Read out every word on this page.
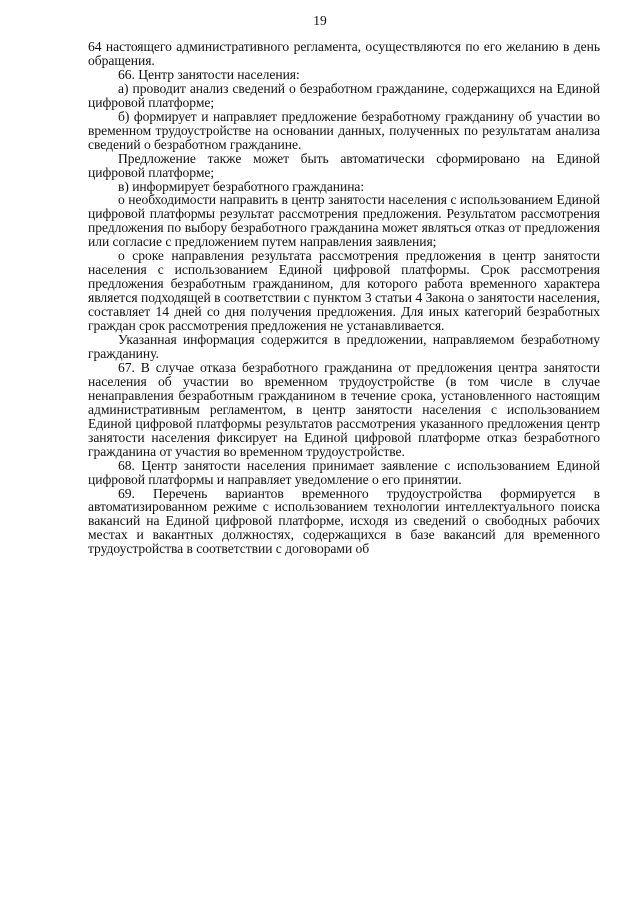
19

64 настоящего административного регламента, осуществляются по его желанию в день обращения.

66. Центр занятости населения:

а) проводит анализ сведений о безработном гражданине, содержащихся на Единой цифровой платформе;

б) формирует и направляет предложение безработному гражданину об участии во временном трудоустройстве на основании данных, полученных по результатам анализа сведений о безработном гражданине.

Предложение также может быть автоматически сформировано на Единой цифровой платформе;

в) информирует безработного гражданина:

о необходимости направить в центр занятости населения с использованием Единой цифровой платформы результат рассмотрения предложения. Результатом рассмотрения предложения по выбору безработного гражданина может являться отказ от предложения или согласие с предложением путем направления заявления;

о сроке направления результата рассмотрения предложения в центр занятости населения с использованием Единой цифровой платформы. Срок рассмотрения предложения безработным гражданином, для которого работа временного характера является подходящей в соответствии с пунктом 3 статьи 4 Закона о занятости населения, составляет 14 дней со дня получения предложения. Для иных категорий безработных граждан срок рассмотрения предложения не устанавливается.

Указанная информация содержится в предложении, направляемом безработному гражданину.

67. В случае отказа безработного гражданина от предложения центра занятости населения об участии во временном трудоустройстве (в том числе в случае ненаправления безработным гражданином в течение срока, установленного настоящим административным регламентом, в центр занятости населения с использованием Единой цифровой платформы результатов рассмотрения указанного предложения центр занятости населения фиксирует на Единой цифровой платформе отказ безработного гражданина от участия во временном трудоустройстве.

68. Центр занятости населения принимает заявление с использованием Единой цифровой платформы и направляет уведомление о его принятии.

69. Перечень вариантов временного трудоустройства формируется в автоматизированном режиме с использованием технологии интеллектуального поиска вакансий на Единой цифровой платформе, исходя из сведений о свободных рабочих местах и вакантных должностях, содержащихся в базе вакансий для временного трудоустройства в соответствии с договорами об
